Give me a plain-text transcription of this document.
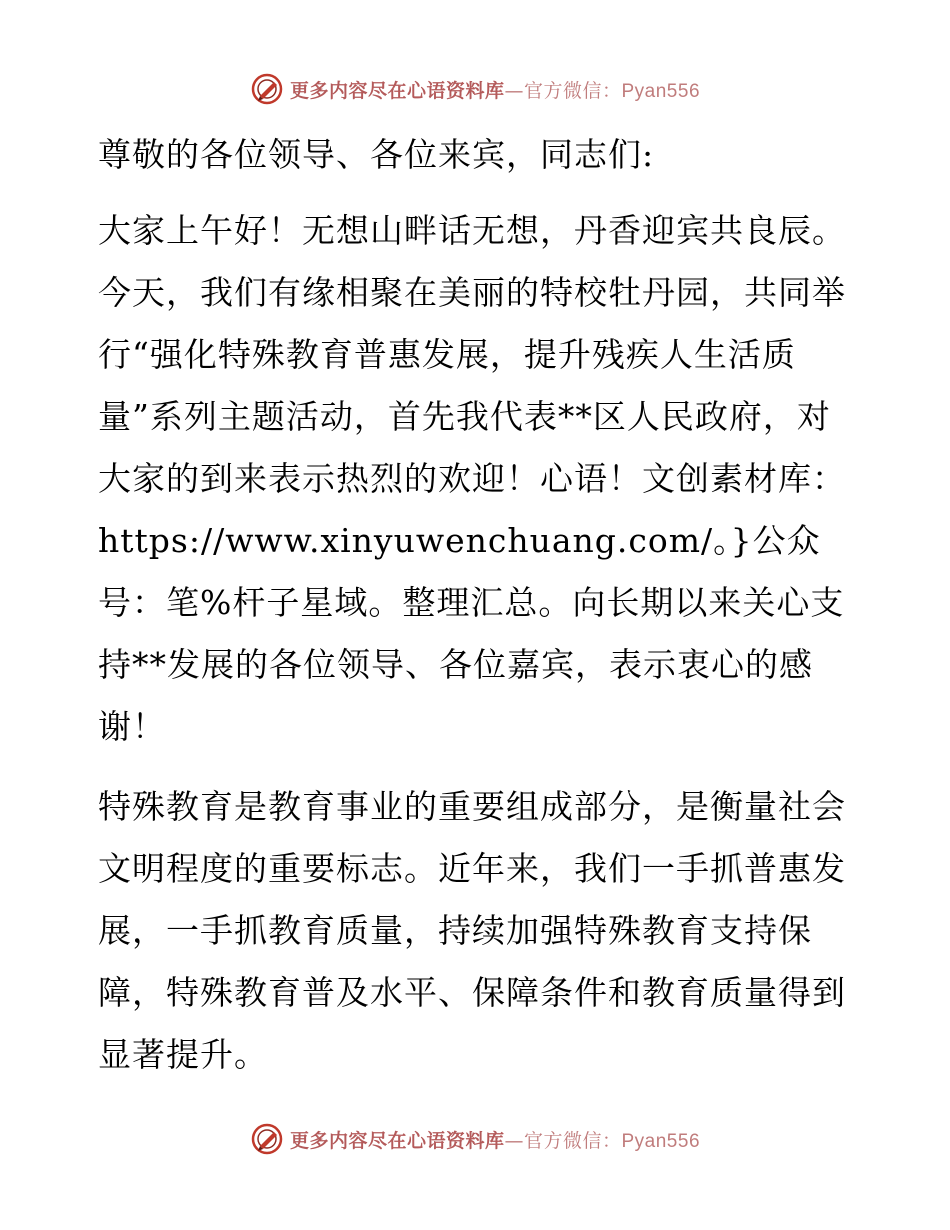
更多内容尽在心语资料库—官方微信：Pyan556

尊敬的各位领导、各位来宾，同志们:

大家上午好！无想山畔话无想，丹香迎宾共良辰。今天，我们有缘相聚在美丽的特校牡丹园，共同举行“强化特殊教育普惠发展，提升残疾人生活质量”系列主题活动，首先我代表**区人民政府，对大家的到来表示热烈的欢迎！心语！文创素材库：https://www.xinyuwenchuang.com/。}公众号：笔%杆子星域。整理汇总。向长期以来关心支持**发展的各位领导、各位嘉宾，表示衷心的感谢！

特殊教育是教育事业的重要组成部分，是衡量社会文明程度的重要标志。近年来，我们一手抓普惠发展，一手抓教育质量，持续加强特殊教育支持保障，特殊教育普及水平、保障条件和教育质量得到显著提升。

更多内容尽在心语资料库—官方微信：Pyan556
